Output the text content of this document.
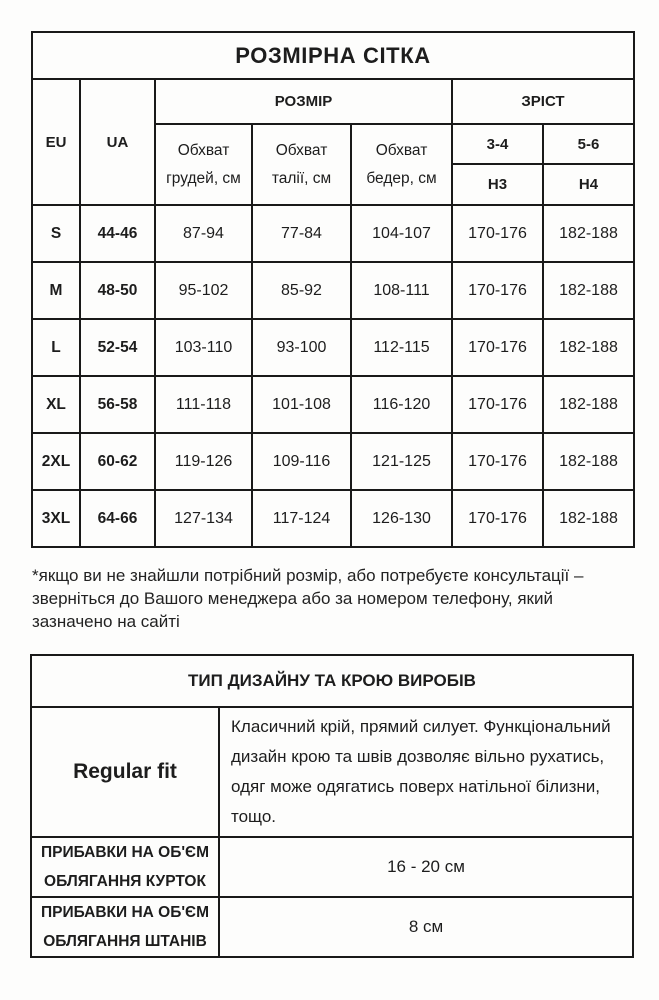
РОЗМІРНА СІТКА						
EU	UA	РОЗМІР			ЗРІСТ	
		Обхват грудей, см	Обхват талії, см	Обхват бедер, см	3-4	5-6
					Н3	Н4
S	44-46	87-94	77-84	104-107	170-176	182-188
M	48-50	95-102	85-92	108-111	170-176	182-188
L	52-54	103-110	93-100	112-115	170-176	182-188
XL	56-58	111-118	101-108	116-120	170-176	182-188
2XL	60-62	119-126	109-116	121-125	170-176	182-188
3XL	64-66	127-134	117-124	126-130	170-176	182-188
*якщо ви не знайшли потрібний розмір, або потребуєте консультації –
зверніться до Вашого менеджера або за номером телефону, який
зазначено на сайті
ТИП ДИЗАЙНУ ТА КРОЮ ВИРОБІВ	
Regular fit	Класичний крій, прямий силует. Функціональний дизайн крою та швів дозволяє вільно рухатись, одяг може одягатись поверх натільної білизни, тощо.
ПРИБАВКИ НА ОБ'ЄМ ОБЛЯГАННЯ КУРТОК	16 - 20 см
ПРИБАВКИ НА ОБ'ЄМ ОБЛЯГАННЯ ШТАНІВ	8 см
